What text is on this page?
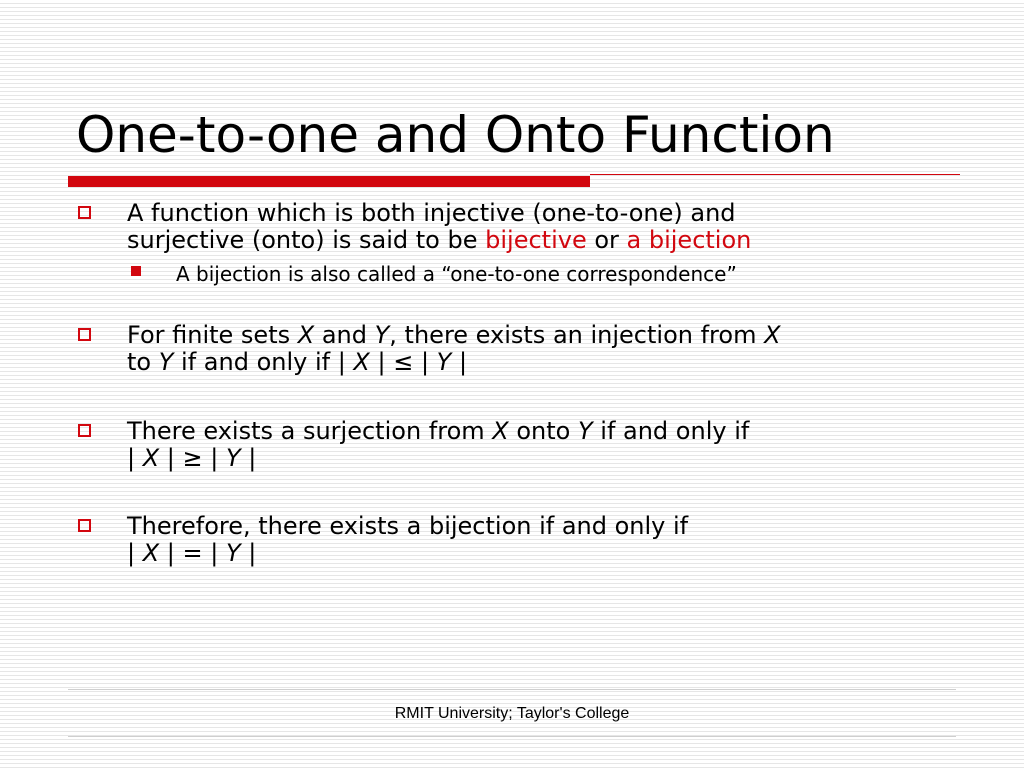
One-to-one and Onto Function
A function which is both injective (one-to-one) and
surjective (onto) is said to be bijective or a bijection
A bijection is also called a “one-to-one correspondence”
For finite sets X and Y, there exists an injection from X
to Y if and only if | X | ≤ | Y |
There exists a surjection from X onto Y if and only if
| X | ≥ | Y |
Therefore, there exists a bijection if and only if
| X | = | Y |
RMIT University; Taylor's College
